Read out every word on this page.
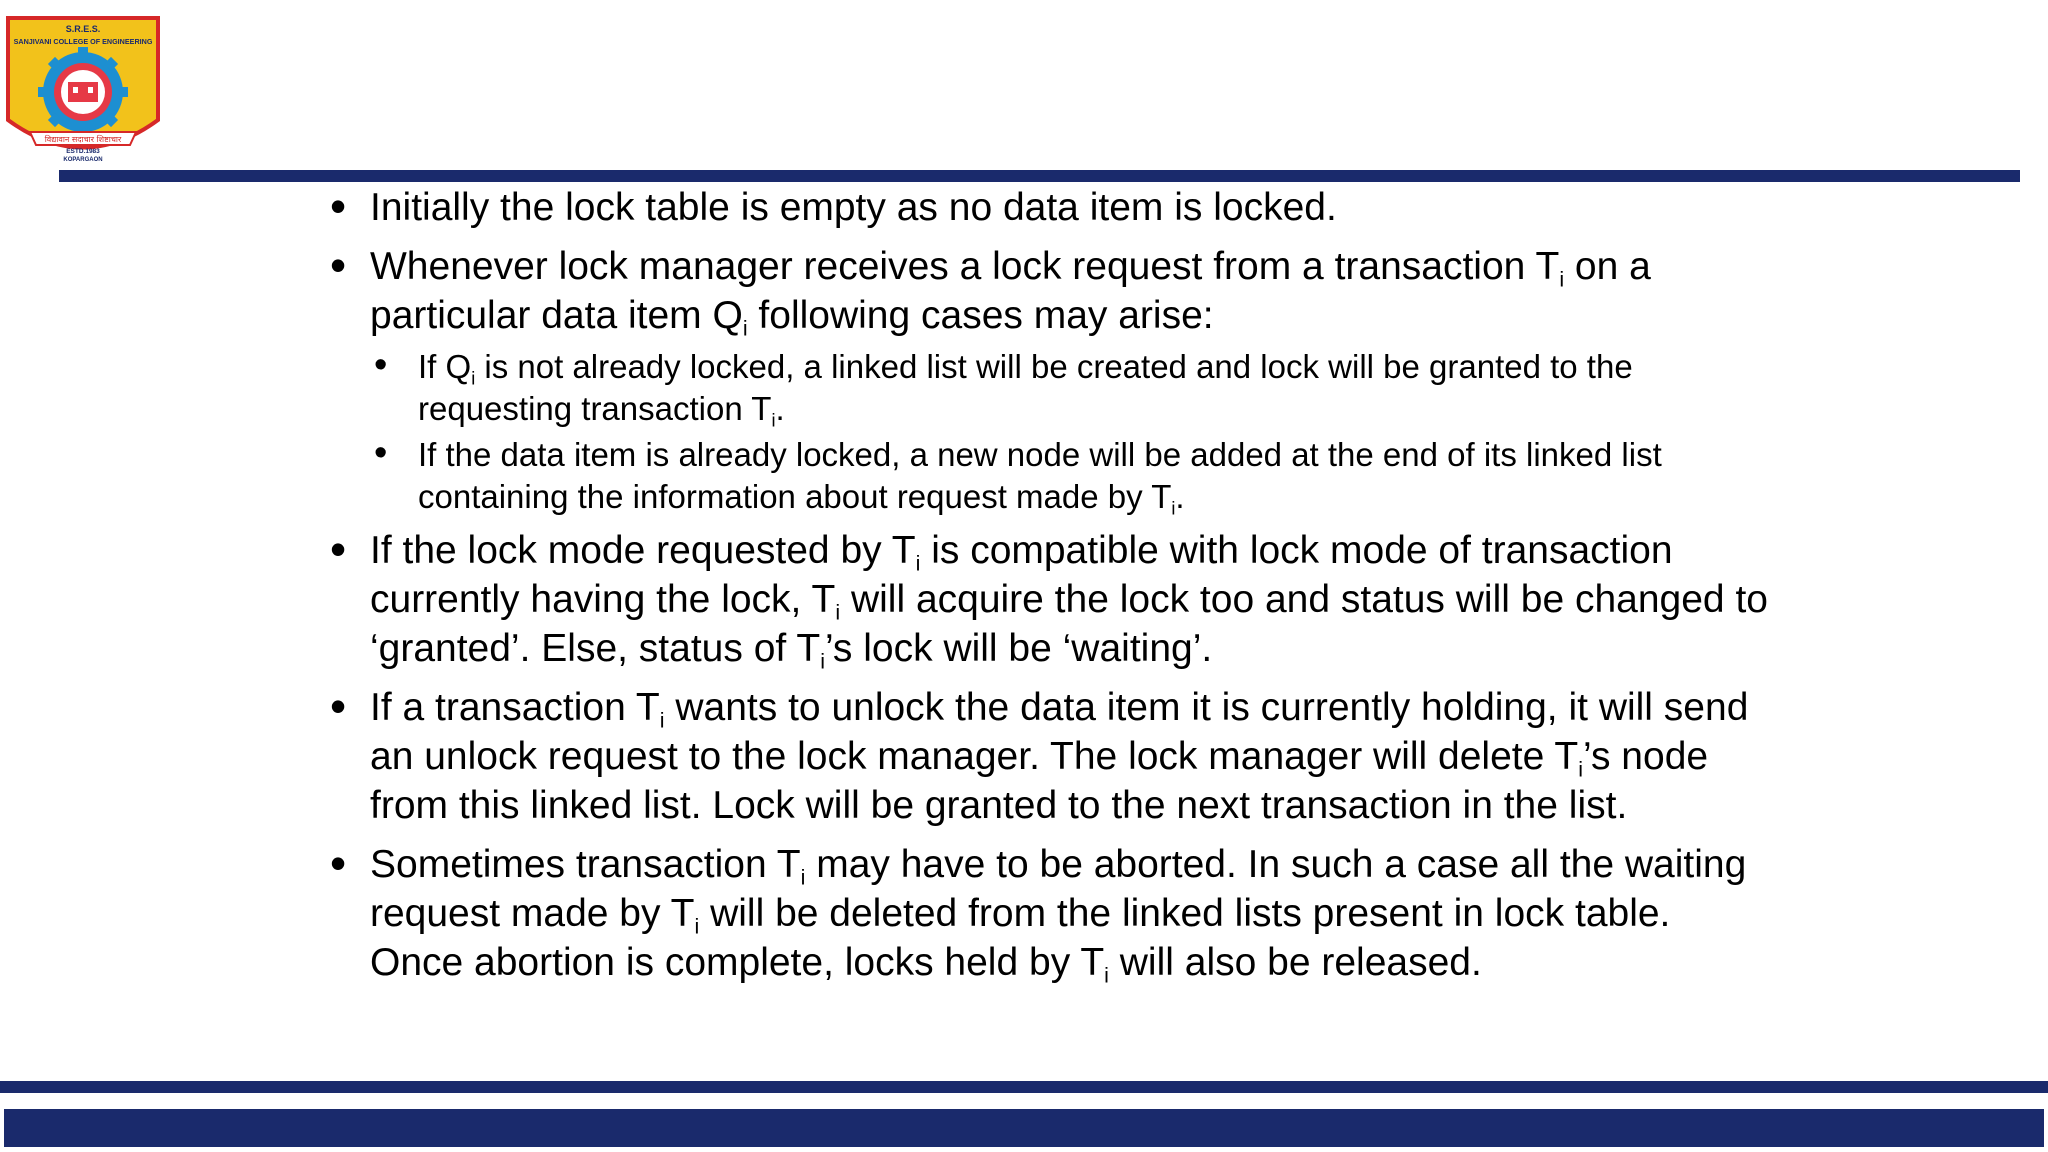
S.R.E.S.
SANJIVANI COLLEGE OF ENGINEERING
विद्यावान सदाचार शिष्टाचार
ESTD.1983
KOPARGAON
• Initially the lock table is empty as no data item is locked.
• Whenever lock manager receives a lock request from a transaction $T_i$ on a particular data item $Q_i$ following cases may arise:
• If $Q_i$ is not already locked, a linked list will be created and lock will be granted to the requesting transaction $T_i$.
• If the data item is already locked, a new node will be added at the end of its linked list containing the information about request made by $T_i$.
• If the lock mode requested by $T_i$ is compatible with lock mode of transaction currently having the lock, $T_i$ will acquire the lock too and status will be changed to ‘granted’. Else, status of $T_i’s$ lock will be ‘waiting’.
• If a transaction $T_i$ wants to unlock the data item it is currently holding, it will send an unlock request to the lock manager. The lock manager will delete $T_i’s$ node from this linked list. Lock will be granted to the next transaction in the list.
• Sometimes transaction $T_i$ may have to be aborted. In such a case all the waiting request made by $T_i$ will be deleted from the linked lists present in lock table. Once abortion is complete, locks held by $T_i$ will also be released.
